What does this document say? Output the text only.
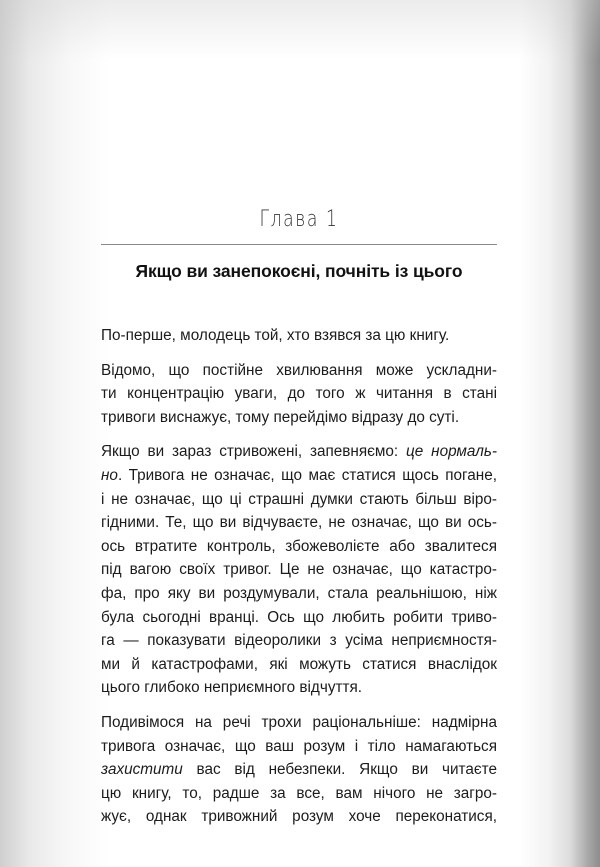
Глава 1
Якщо ви занепокоєні, почніть із цього

По-перше, молодець той, хто взявся за цю книгу.

Відомо, що постійне хвилювання може ускладни-
ти концентрацію уваги, до того ж читання в стані
тривоги виснажує, тому перейдімо відразу до суті.

Якщо ви зараз стривожені, запевняємо: це нормаль-
но. Тривога не означає, що має статися щось погане,
і не означає, що ці страшні думки стають більш віро-
гідними. Те, що ви відчуваєте, не означає, що ви ось-
ось втратите контроль, збожеволієте або звалитеся
під вагою своїх тривог. Це не означає, що катастро-
фа, про яку ви роздумували, стала реальнішою, ніж
була сьогодні вранці. Ось що любить робити триво-
га — показувати відеоролики з усіма неприємностя-
ми й катастрофами, які можуть статися внаслідок
цього глибоко неприємного відчуття.

Подивімося на речі трохи раціональніше: надмірна
тривога означає, що ваш розум і тіло намагаються
захистити вас від небезпеки. Якщо ви читаєте
цю книгу, то, радше за все, вам нічого не загро-
жує, однак тривожний розум хоче переконатися,
